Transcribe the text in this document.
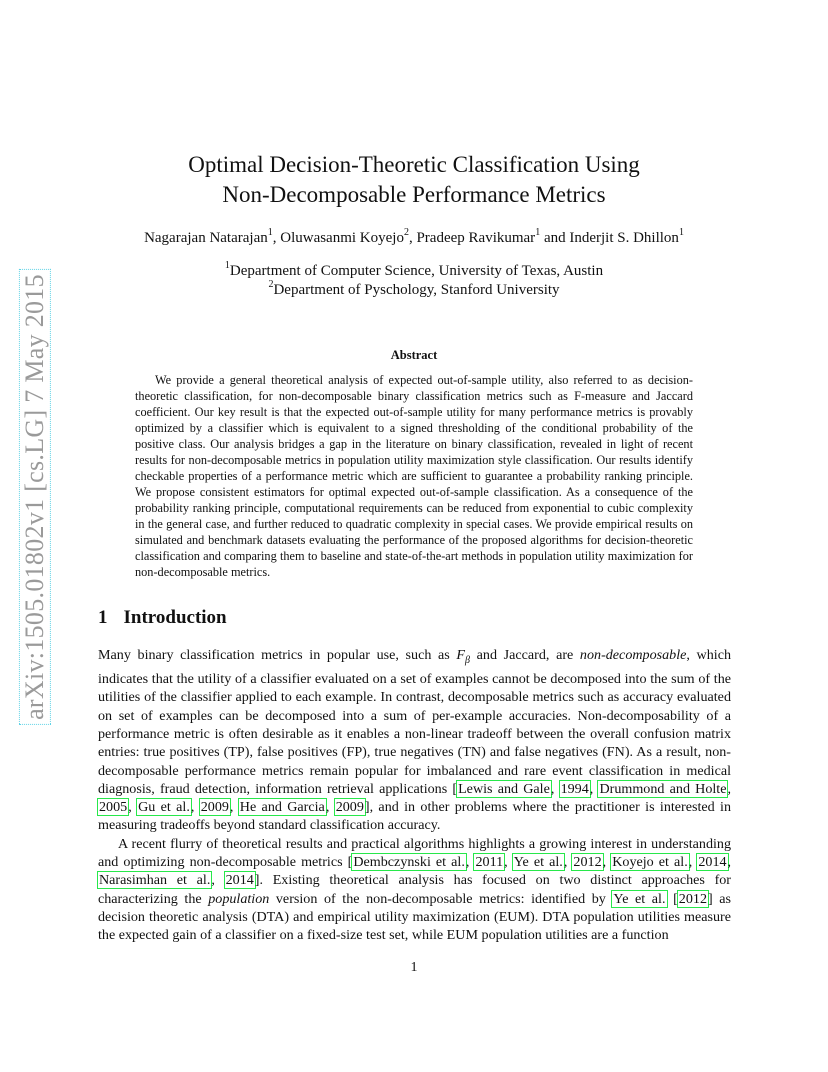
arXiv:1505.01802v1 [cs.LG] 7 May 2015
Optimal Decision-Theoretic Classification Using
Non-Decomposable Performance Metrics
Nagarajan Natarajan$^1$, Oluwasanmi Koyejo$^2$, Pradeep Ravikumar$^1$ and Inderjit S. Dhillon$^1$
$^1$Department of Computer Science, University of Texas, Austin
$^2$Department of Pyschology, Stanford University
Abstract

We provide a general theoretical analysis of expected out-of-sample utility, also referred to as decision-theoretic classification, for non-decomposable binary classification metrics such as F-measure and Jaccard coefficient. Our key result is that the expected out-of-sample utility for many performance metrics is provably optimized by a classifier which is equivalent to a signed thresholding of the conditional probability of the positive class. Our analysis bridges a gap in the literature on binary classification, revealed in light of recent results for non-decomposable metrics in population utility maximization style classification. Our results identify checkable properties of a performance metric which are sufficient to guarantee a probability ranking principle. We propose consistent estimators for optimal expected out-of-sample classification. As a consequence of the probability ranking principle, computational requirements can be reduced from exponential to cubic complexity in the general case, and further reduced to quadratic complexity in special cases. We provide empirical results on simulated and benchmark datasets evaluating the performance of the proposed algorithms for decision-theoretic classification and comparing them to baseline and state-of-the-art methods in population utility maximization for non-decomposable metrics.

1 Introduction

Many binary classification metrics in popular use, such as $F_\beta$ and Jaccard, are non-decomposable, which indicates that the utility of a classifier evaluated on a set of examples cannot be decomposed into the sum of the utilities of the classifier applied to each example. In contrast, decomposable metrics such as accuracy evaluated on set of examples can be decomposed into a sum of per-example accuracies. Non-decomposability of a performance metric is often desirable as it enables a non-linear tradeoff between the overall confusion matrix entries: true positives (TP), false positives (FP), true negatives (TN) and false negatives (FN). As a result, non-decomposable performance metrics remain popular for imbalanced and rare event classification in medical diagnosis, fraud detection, information retrieval applications [Lewis and Gale, 1994, Drummond and Holte, 2005, Gu et al., 2009, He and Garcia, 2009], and in other problems where the practitioner is interested in measuring tradeoffs beyond standard classification accuracy.

A recent flurry of theoretical results and practical algorithms highlights a growing interest in understanding and optimizing non-decomposable metrics [Dembczynski et al., 2011, Ye et al., 2012, Koyejo et al., 2014, Narasimhan et al., 2014]. Existing theoretical analysis has focused on two distinct approaches for characterizing the population version of the non-decomposable metrics: identified by Ye et al. [2012] as decision theoretic analysis (DTA) and empirical utility maximization (EUM). DTA population utilities measure the expected gain of a classifier on a fixed-size test set, while EUM population utilities are a function

1
